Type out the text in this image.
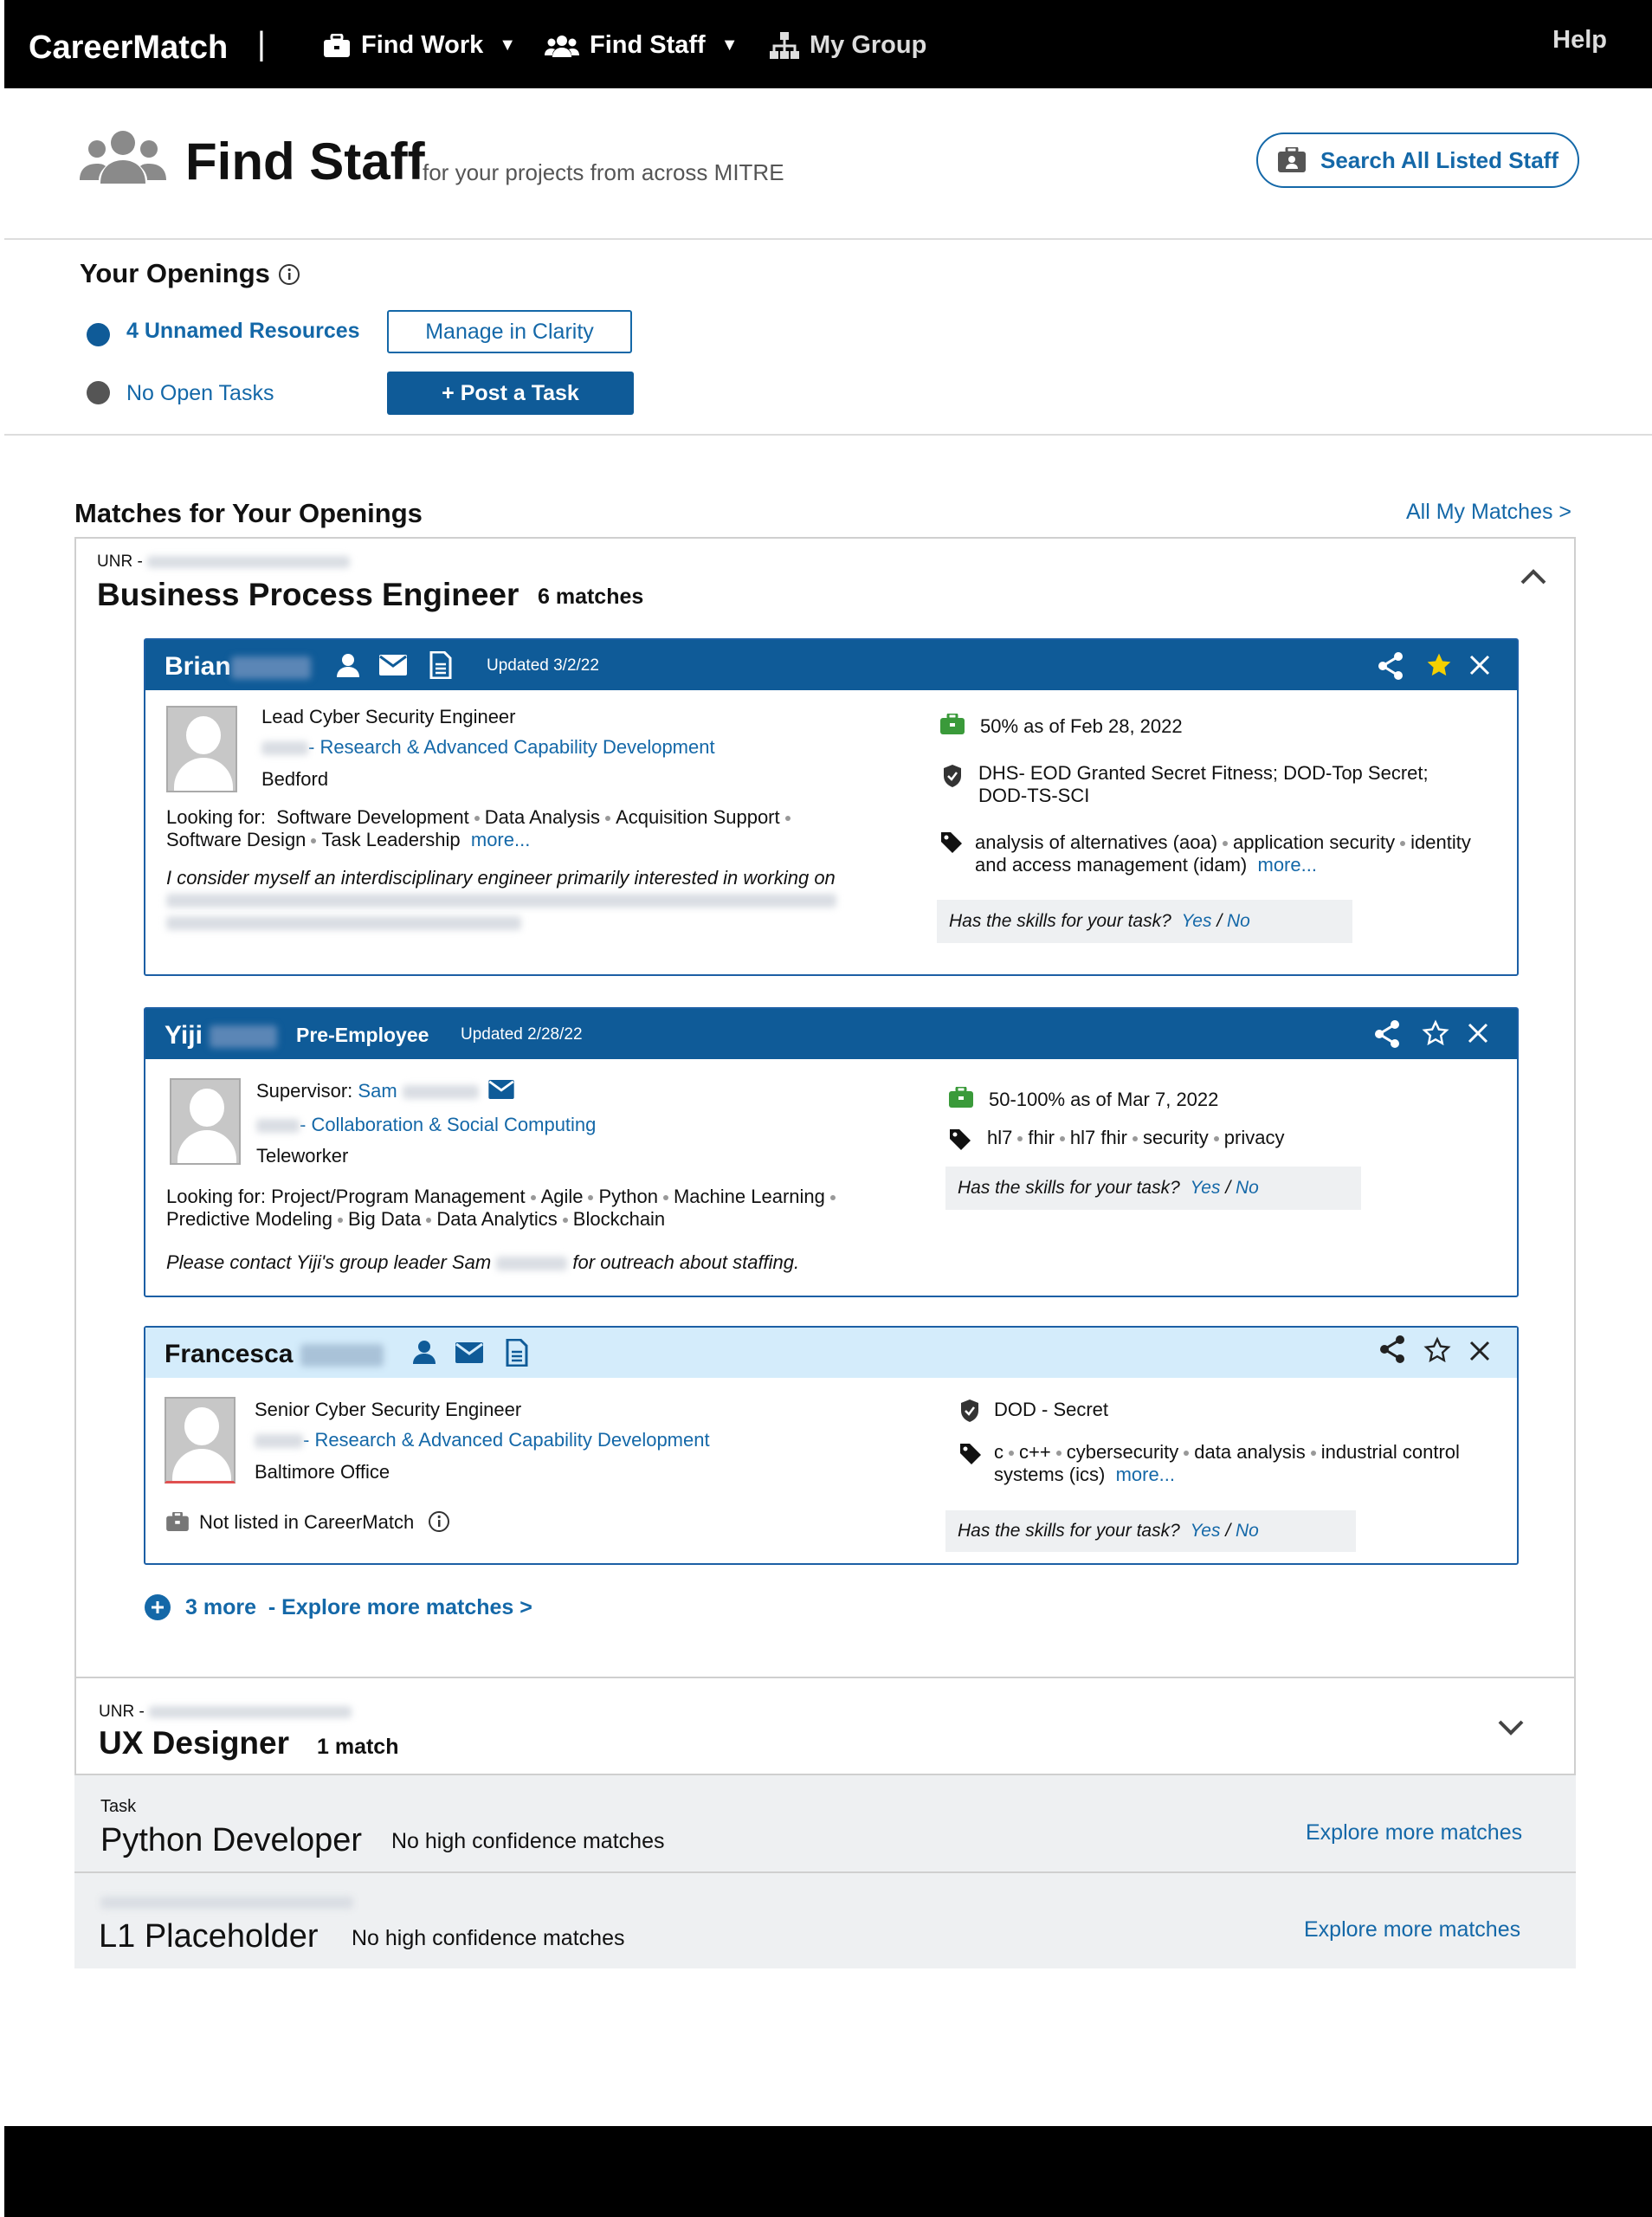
CareerMatch |	Find Work ▼	Find Staff ▼	My Group	Help
Find Staff
for your projects from across MITRE	Search All Listed Staff
Your Openings
4 Unnamed Resources	Manage in Clarity
No Open Tasks	+ Post a Task
Matches for Your Openings	All My Matches >
UNR -
Business Process Engineer 6 matches
Brian	Updated 3/2/22
Lead Cyber Security Engineer
- Research & Advanced Capability Development
Bedford
Looking for: Software Development Data Analysis Acquisition SupportSoftware Design Task Leadership more...
I consider myself an interdisciplinary engineer primarily interested in working on
50% as of Feb 28, 2022
DHS- EOD Granted Secret Fitness; DOD-Top Secret; DOD-TS-SCI
analysis of alternatives (aoa) application security identity and access management (idam) more...
Has the skills for your task?
Yes
/
No
Yiji	Pre-Employee Updated 2/28/22
Supervisor: Sam
- Collaboration & Social Computing
Teleworker
Looking for: Project/Program Management Agile Python Machine LearningPredictive Modeling Big Data Data Analytics Blockchain
Please contact Yiji's group leader Sam	for outreach about staffing.
50-100% as of Mar 7, 2022
hl7 fhir hl7 fhir security privacy
Has the skills for your task?
Yes
/
No
Francesca
Senior Cyber Security Engineer
- Research & Advanced Capability Development
Baltimore Office
Not listed in CareerMatch
DOD - Secret
c c++ cybersecurity data analysis industrial control systems (ics) more...
Has the skills for your task?
Yes
/
No
3 more - Explore more matches >
UNR -
UX Designer 1 match
Task
Python Developer No high confidence matches	Explore more matches
L1 Placeholder No high confidence matches	Explore more matches
